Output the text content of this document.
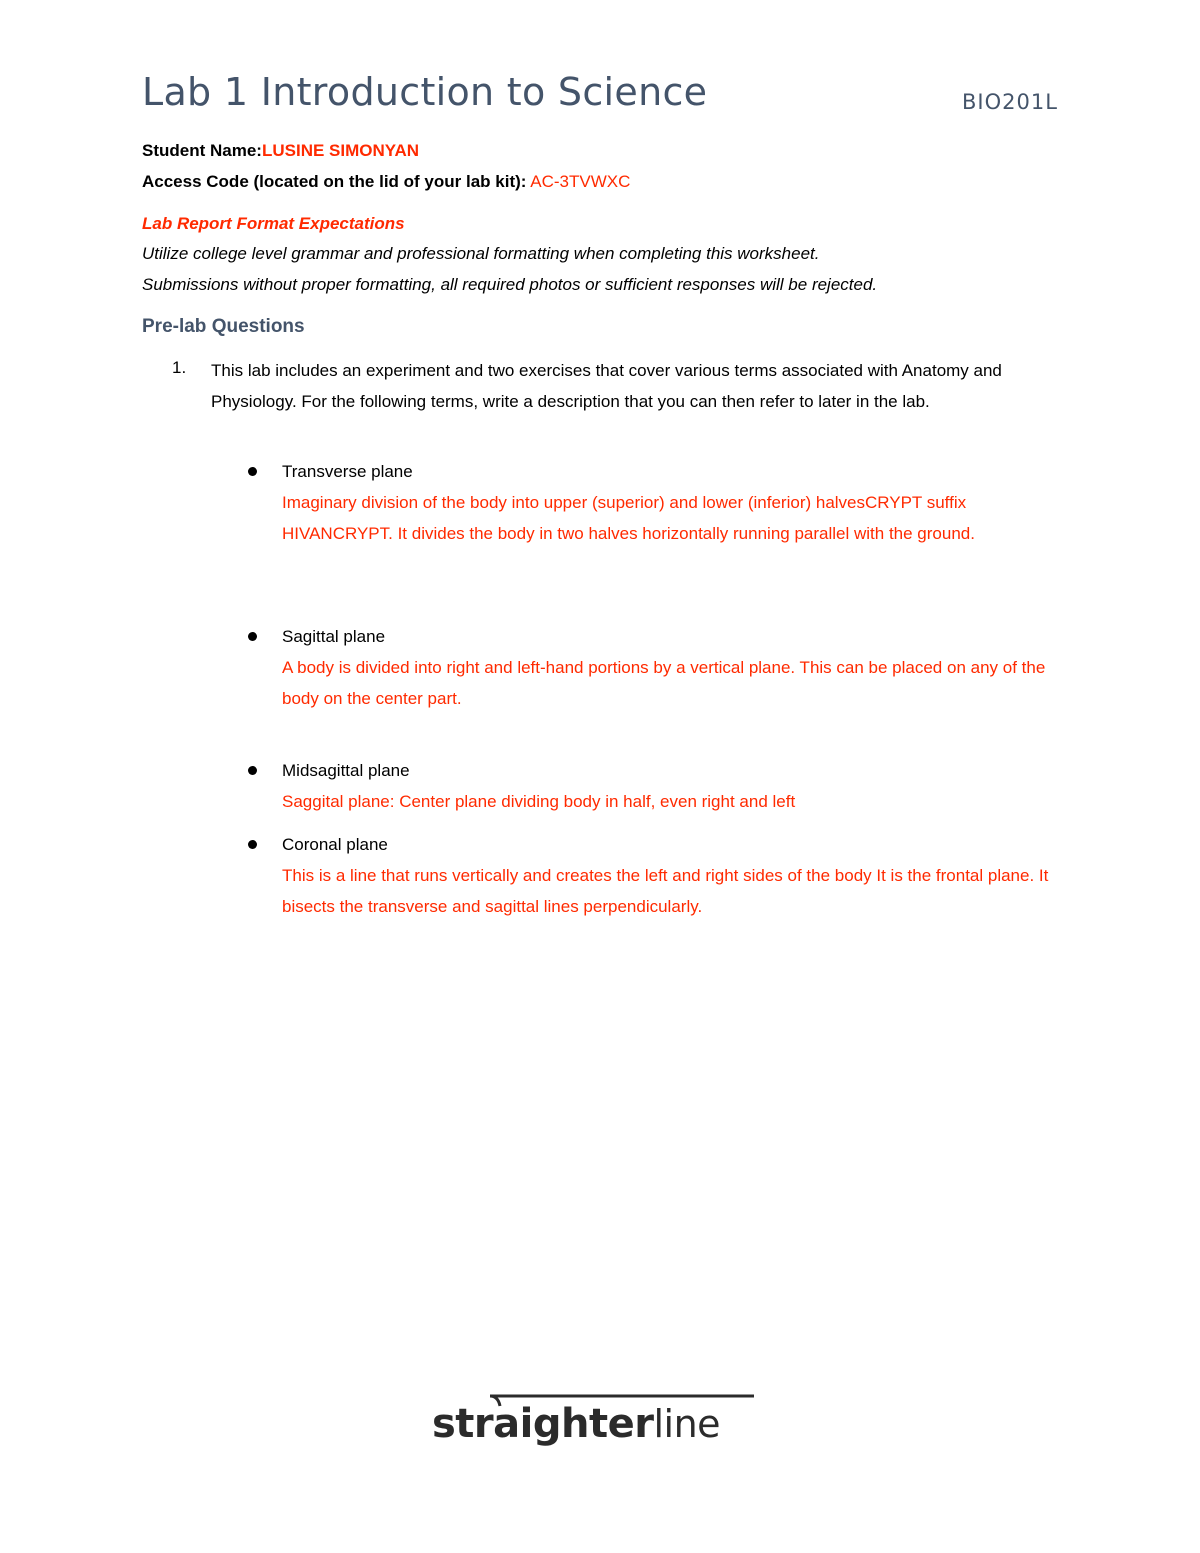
Lab 1 Introduction to Science	BIO201L
Student Name:LUSINE SIMONYAN
Access Code (located on the lid of your lab kit): AC-3TVWXC
Lab Report Format Expectations
Utilize college level grammar and professional formatting when completing this worksheet.
Submissions without proper formatting, all required photos or sufficient responses will be rejected.
Pre-lab Questions
1. This lab includes an experiment and two exercises that cover various terms associated with Anatomy and Physiology. For the following terms, write a description that you can then refer to later in the lab.

Transverse plane

Imaginary division of the body into upper (superior) and lower (inferior) halvesCRYPT suffix HIVANCRYPT. It divides the body in two halves horizontally running parallel with the ground.

Sagittal plane

A body is divided into right and left-hand portions by a vertical plane. This can be placed on any of the body on the center part.

Midsagittal plane

Saggital plane: Center plane dividing body in half, even right and left

Coronal plane

This is a line that runs vertically and creates the left and right sides of the body It is the frontal plane. It bisects the transverse and sagittal lines perpendicularly.

straighterline
